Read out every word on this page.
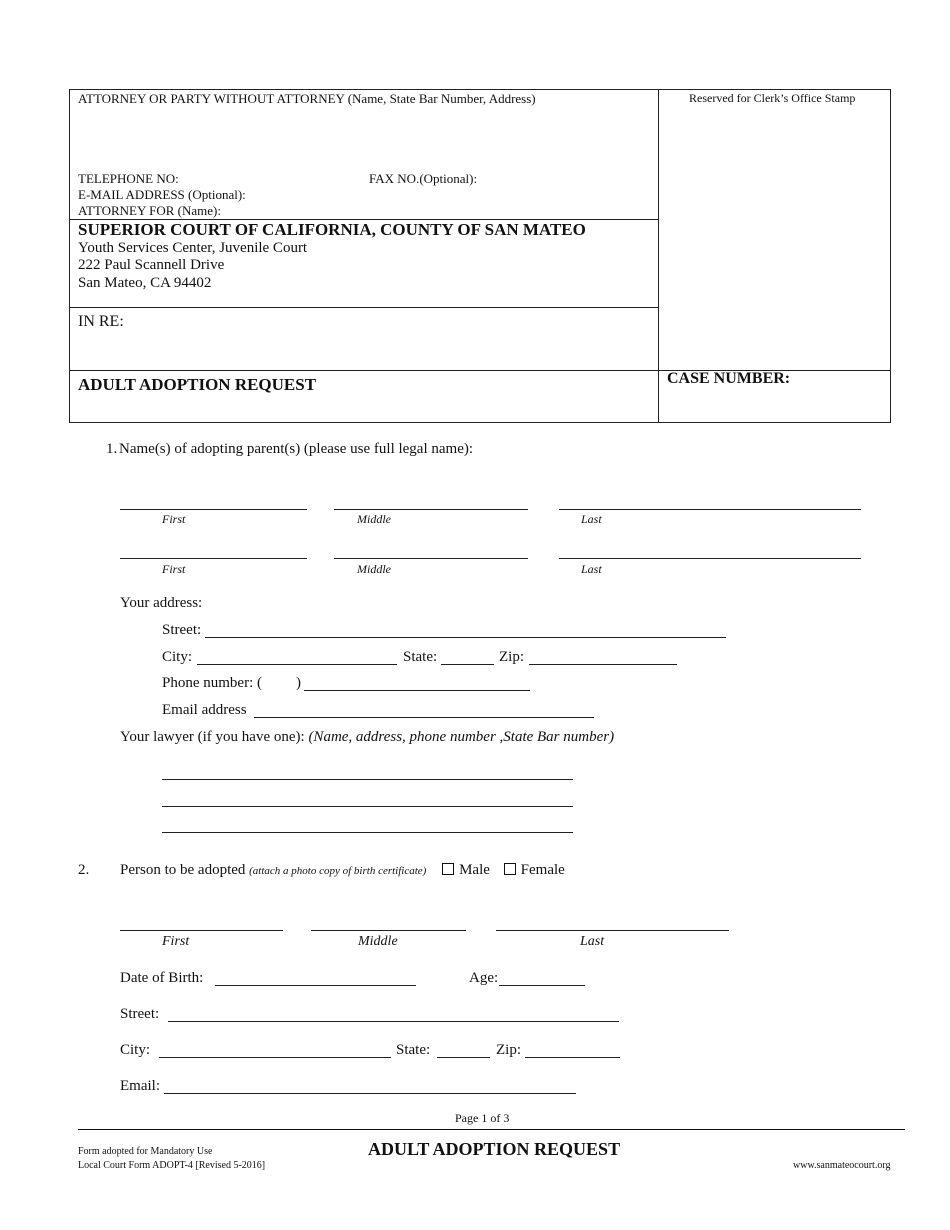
ATTORNEY OR PARTY WITHOUT ATTORNEY (Name, State Bar Number, Address)	Reserved for Clerk’s Office Stamp
TELEPHONE NO:	FAX NO.(Optional):
E-MAIL ADDRESS (Optional):
ATTORNEY FOR (Name):
SUPERIOR COURT OF CALIFORNIA, COUNTY OF SAN MATEO
Youth Services Center, Juvenile Court
222 Paul Scannell Drive
San Mateo, CA 94402
IN RE:
ADULT ADOPTION REQUEST	CASE NUMBER:
1. Name(s) of adopting parent(s) (please use full legal name):
First	Middle	Last
First	Middle	Last
Your address:
Street:
City:	State:	Zip:
Phone number: ( )
Email address
Your lawyer (if you have one): (Name, address, phone number ,State Bar number)
2. Person to be adopted (attach a photo copy of birth certificate) Male Female
First	Middle	Last
Date of Birth:	Age:
Street:
City:	State:	Zip:
Email:
Page 1 of 3
Form adopted for Mandatory Use
Local Court Form ADOPT-4 [Revised 5-2016]
ADULT ADOPTION REQUEST
www.sanmateocourt.org
